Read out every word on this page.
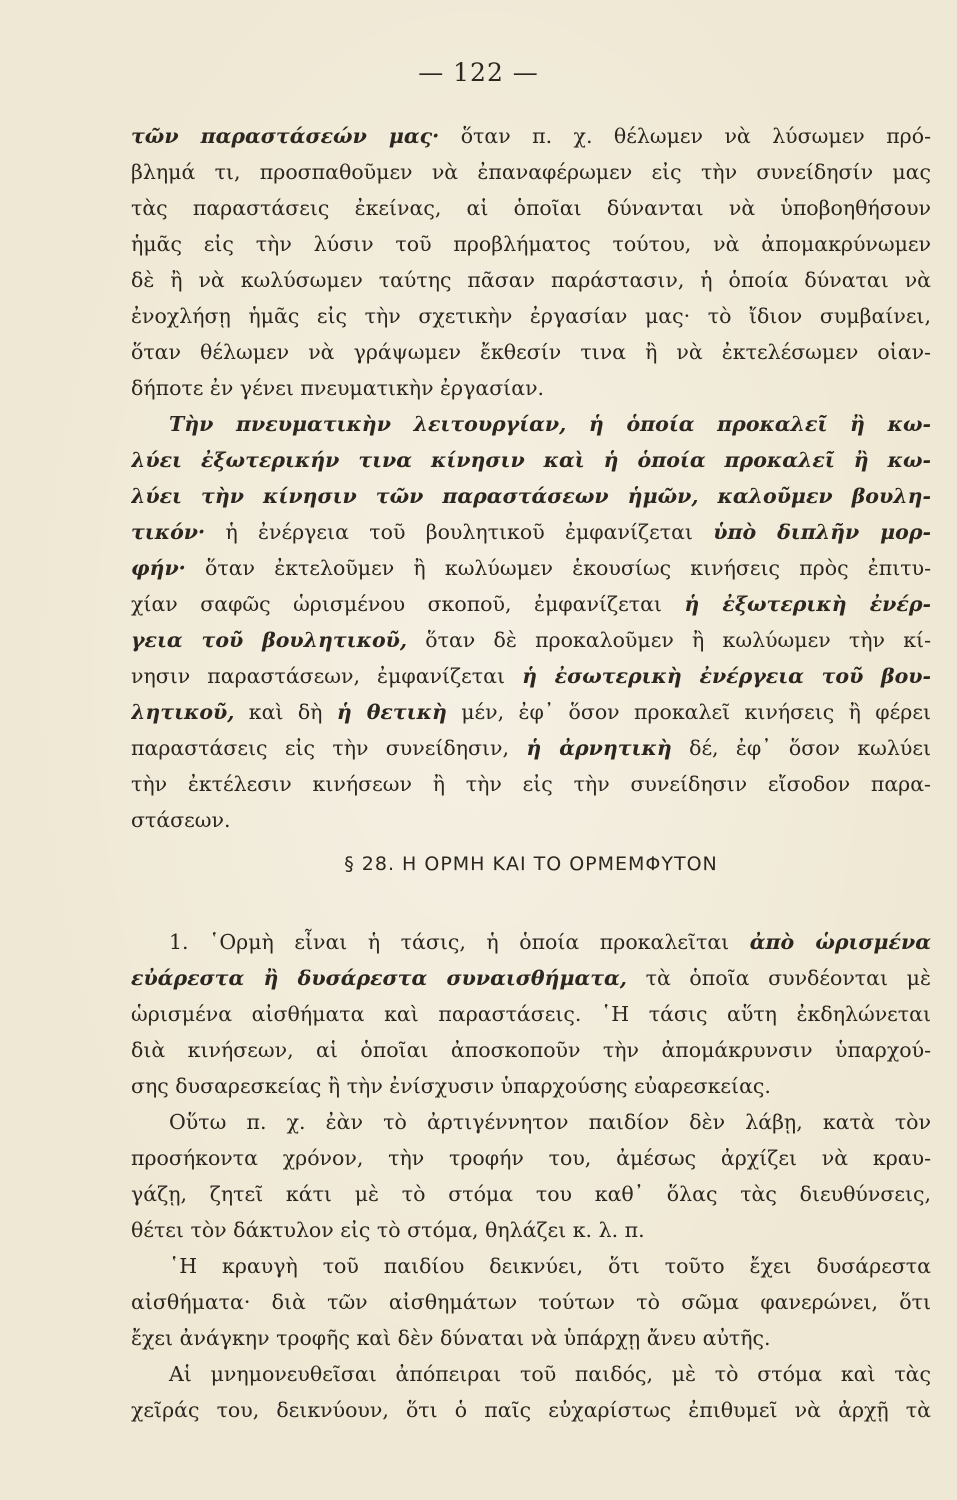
— 122 —
τῶν παραστάσεών μας· ὅταν π. χ. θέλωμεν νὰ λύσωμεν πρό-
βλημά τι, προσπαθοῦμεν νὰ ἐπαναφέρωμεν εἰς τὴν συνείδησίν μας
τὰς παραστάσεις ἐκείνας, αἱ ὁποῖαι δύνανται νὰ ὑποβοηθήσουν
ἡμᾶς εἰς τὴν λύσιν τοῦ προβλήματος τούτου, νὰ ἀπομακρύνωμεν
δὲ ἢ νὰ κωλύσωμεν ταύτης πᾶσαν παράστασιν, ἡ ὁποία δύναται νὰ
ἐνοχλήσῃ ἡμᾶς εἰς τὴν σχετικὴν ἐργασίαν μας· τὸ ἴδιον συμβαίνει,
ὅταν θέλωμεν νὰ γράψωμεν ἔκθεσίν τινα ἢ νὰ ἐκτελέσωμεν οἱαν-
δήποτε ἐν γένει πνευματικὴν ἐργασίαν.
Τὴν πνευματικὴν λειτουργίαν, ἡ ὁποία προκαλεῖ ἢ κω-
λύει ἐξωτερικήν τινα κίνησιν καὶ ἡ ὁποία προκαλεῖ ἢ κω-
λύει τὴν κίνησιν τῶν παραστάσεων ἡμῶν, καλοῦμεν βουλη-
τικόν· ἡ ἐνέργεια τοῦ βουλητικοῦ ἐμφανίζεται ὑπὸ διπλῆν μορ-
φήν· ὅταν ἐκτελοῦμεν ἢ κωλύωμεν ἑκουσίως κινήσεις πρὸς ἐπιτυ-
χίαν σαφῶς ὡρισμένου σκοποῦ, ἐμφανίζεται ἡ ἐξωτερικὴ ἐνέρ-
γεια τοῦ βουλητικοῦ, ὅταν δὲ προκαλοῦμεν ἢ κωλύωμεν τὴν κί-
νησιν παραστάσεων, ἐμφανίζεται ἡ ἐσωτερικὴ ἐνέργεια τοῦ βου-
λητικοῦ, καὶ δὴ ἡ θετικὴ μέν, ἐφ᾽ ὅσον προκαλεῖ κινήσεις ἢ φέρει
παραστάσεις εἰς τὴν συνείδησιν, ἡ ἀρνητικὴ δέ, ἐφ᾽ ὅσον κωλύει
τὴν ἐκτέλεσιν κινήσεων ἢ τὴν εἰς τὴν συνείδησιν εἴσοδον παρα-
στάσεων.
§ 28. Η ΟΡΜΗ ΚΑΙ ΤΟ ΟΡΜΕΜΦΥΤΟΝ
1. ῾Ορμὴ εἶναι ἡ τάσις, ἡ ὁποία προκαλεῖται ἀπὸ ὡρισμένα
εὐάρεστα ἢ δυσάρεστα συναισθήματα, τὰ ὁποῖα συνδέονται μὲ
ὡρισμένα αἰσθήματα καὶ παραστάσεις. ῾Η τάσις αὕτη ἐκδηλώνεται
διὰ κινήσεων, αἱ ὁποῖαι ἀποσκοποῦν τὴν ἀπομάκρυνσιν ὑπαρχού-
σης δυσαρεσκείας ἢ τὴν ἐνίσχυσιν ὑπαρχούσης εὐαρεσκείας.
Οὕτω π. χ. ἐὰν τὸ ἀρτιγέννητον παιδίον δὲν λάβῃ, κατὰ τὸν
προσήκοντα χρόνον, τὴν τροφήν του, ἀμέσως ἀρχίζει νὰ κραυ-
γάζῃ, ζητεῖ κάτι μὲ τὸ στόμα του καθ᾽ ὅλας τὰς διευθύνσεις,
θέτει τὸν δάκτυλον εἰς τὸ στόμα, θηλάζει κ. λ. π.
῾Η κραυγὴ τοῦ παιδίου δεικνύει, ὅτι τοῦτο ἔχει δυσάρεστα
αἰσθήματα· διὰ τῶν αἰσθημάτων τούτων τὸ σῶμα φανερώνει, ὅτι
ἔχει ἀνάγκην τροφῆς καὶ δὲν δύναται νὰ ὑπάρχῃ ἄνευ αὐτῆς.
Αἱ μνημονευθεῖσαι ἀπόπειραι τοῦ παιδός, μὲ τὸ στόμα καὶ τὰς
χεῖράς του, δεικνύουν, ὅτι ὁ παῖς εὐχαρίστως ἐπιθυμεῖ νὰ ἀρχῇ τὰ
